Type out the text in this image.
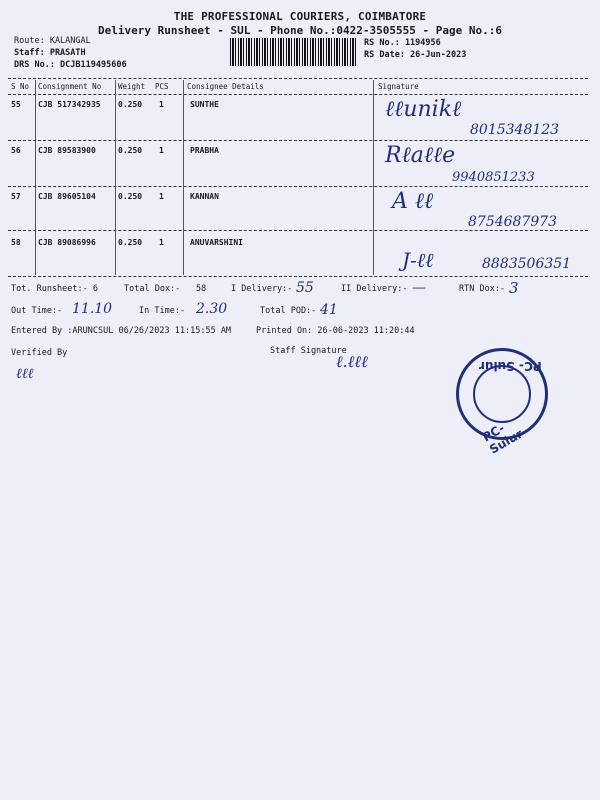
THE PROFESSIONAL COURIERS, COIMBATORE
Delivery Runsheet - SUL - Phone No.:0422-3505555 - Page No.:6
Route: KALANGAL
Staff: PRASATH
DRS No.: DCJB119495606
RS No.: 1194956
RS Date: 26-Jun-2023
S No Consignment No Weight PCS Consignee Details	Signature
55 CJB 517342935 0.250 1	SUNTHE	ℓℓunikℓ
8015348123
56 CJB 89583900	0.250 1	PRABHA	Rℓaℓℓe
9940851233
57 CJB 89605104	0.250 1	KANNAN	A ℓℓ
8754687973
58 CJB 89086996	0.250 1	ANUVARSHINI
J-ℓℓ	8883506351
Tot. Runsheet:- 6	Total Dox:- 58	I Delivery:- 55	II Delivery:- —	RTN Dox:- 3
Out Time:- 11.10	In Time:- 2.30	Total POD:- 41
Entered By :ARUNCSUL 06/26/2023 11:15:55 AM	Printed On: 26-06-2023 11:20:44
Verified By	Staff Signature
ℓℓℓ
ℓ.ℓℓℓ	PC- Sulur
PC- Sulur
